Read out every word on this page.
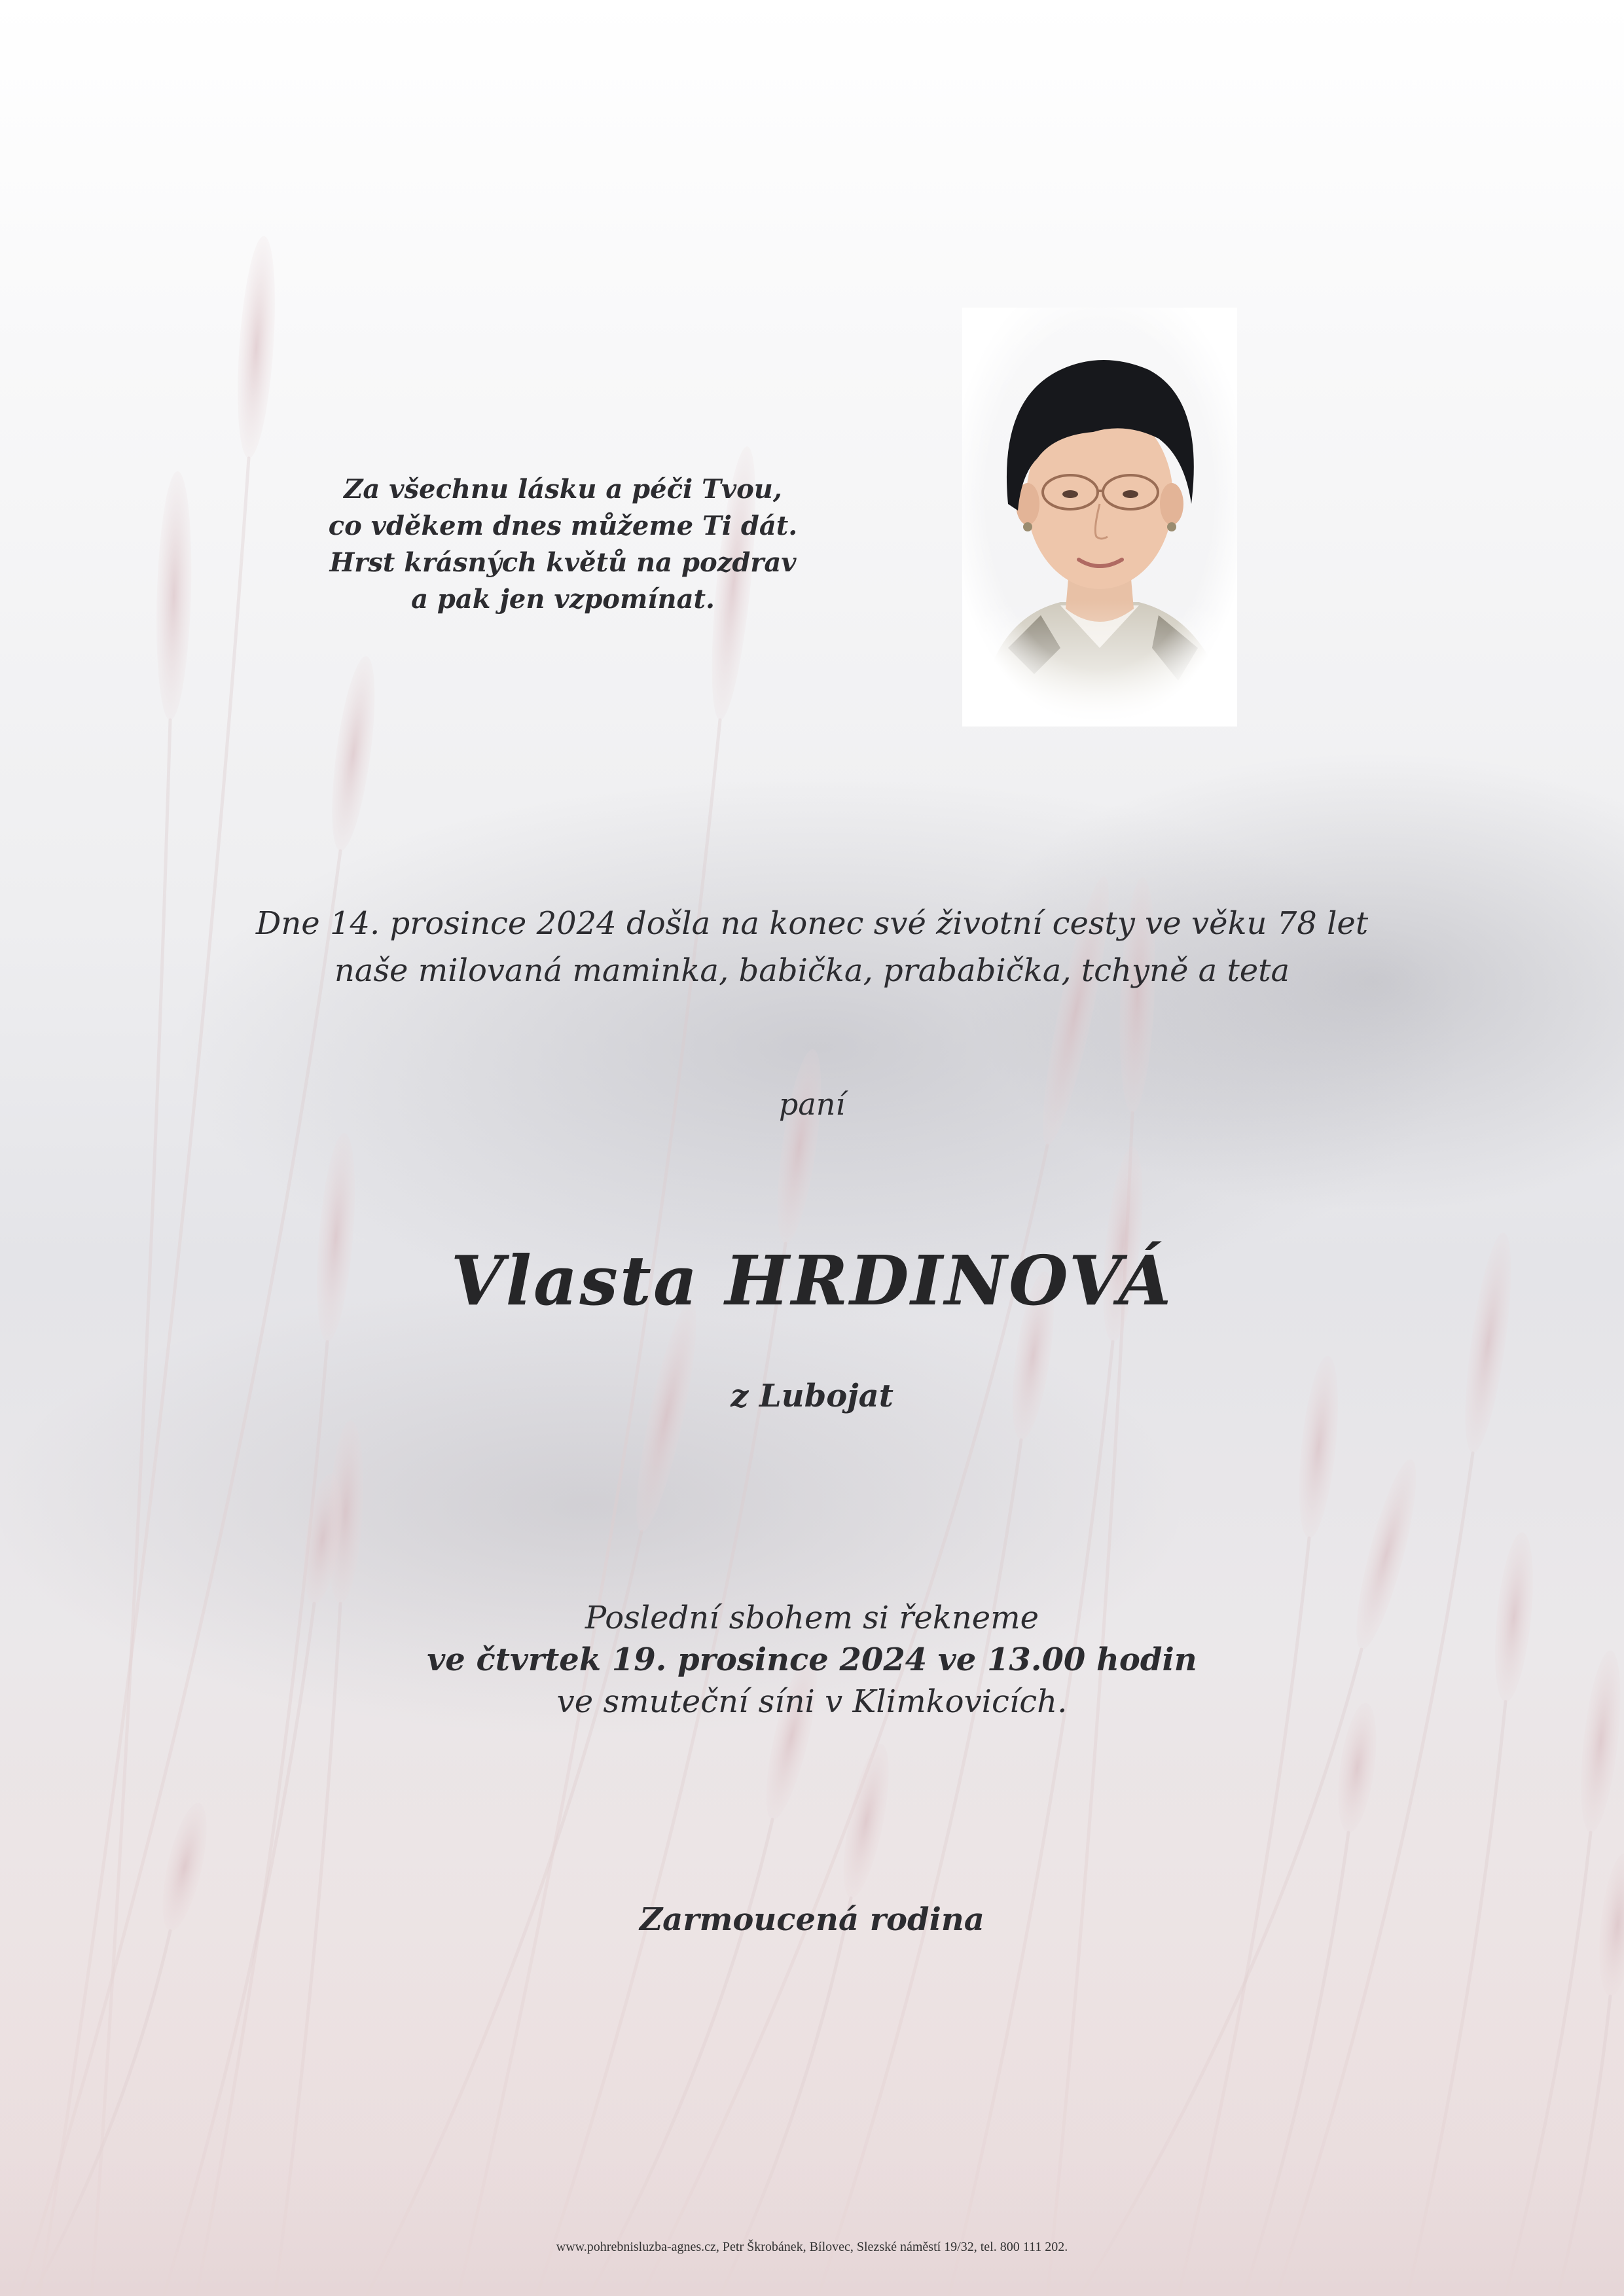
Za všechnu lásku a péči Tvou,
co vděkem dnes můžeme Ti dát.
Hrst krásných květů na pozdrav
a pak jen vzpomínat.
Dne 14. prosince 2024 došla na konec své životní cesty ve věku 78 let
naše milovaná maminka, babička, prababička, tchyně a teta
paní
Vlasta HRDINOVÁ
z Lubojat
Poslední sbohem si řekneme
ve čtvrtek 19. prosince 2024 ve 13.00 hodin
ve smuteční síni v Klimkovicích.
Zarmoucená rodina
www.pohrebnisluzba-agnes.cz, Petr Škrobánek, Bílovec, Slezské náměstí 19/32, tel. 800 111 202.
